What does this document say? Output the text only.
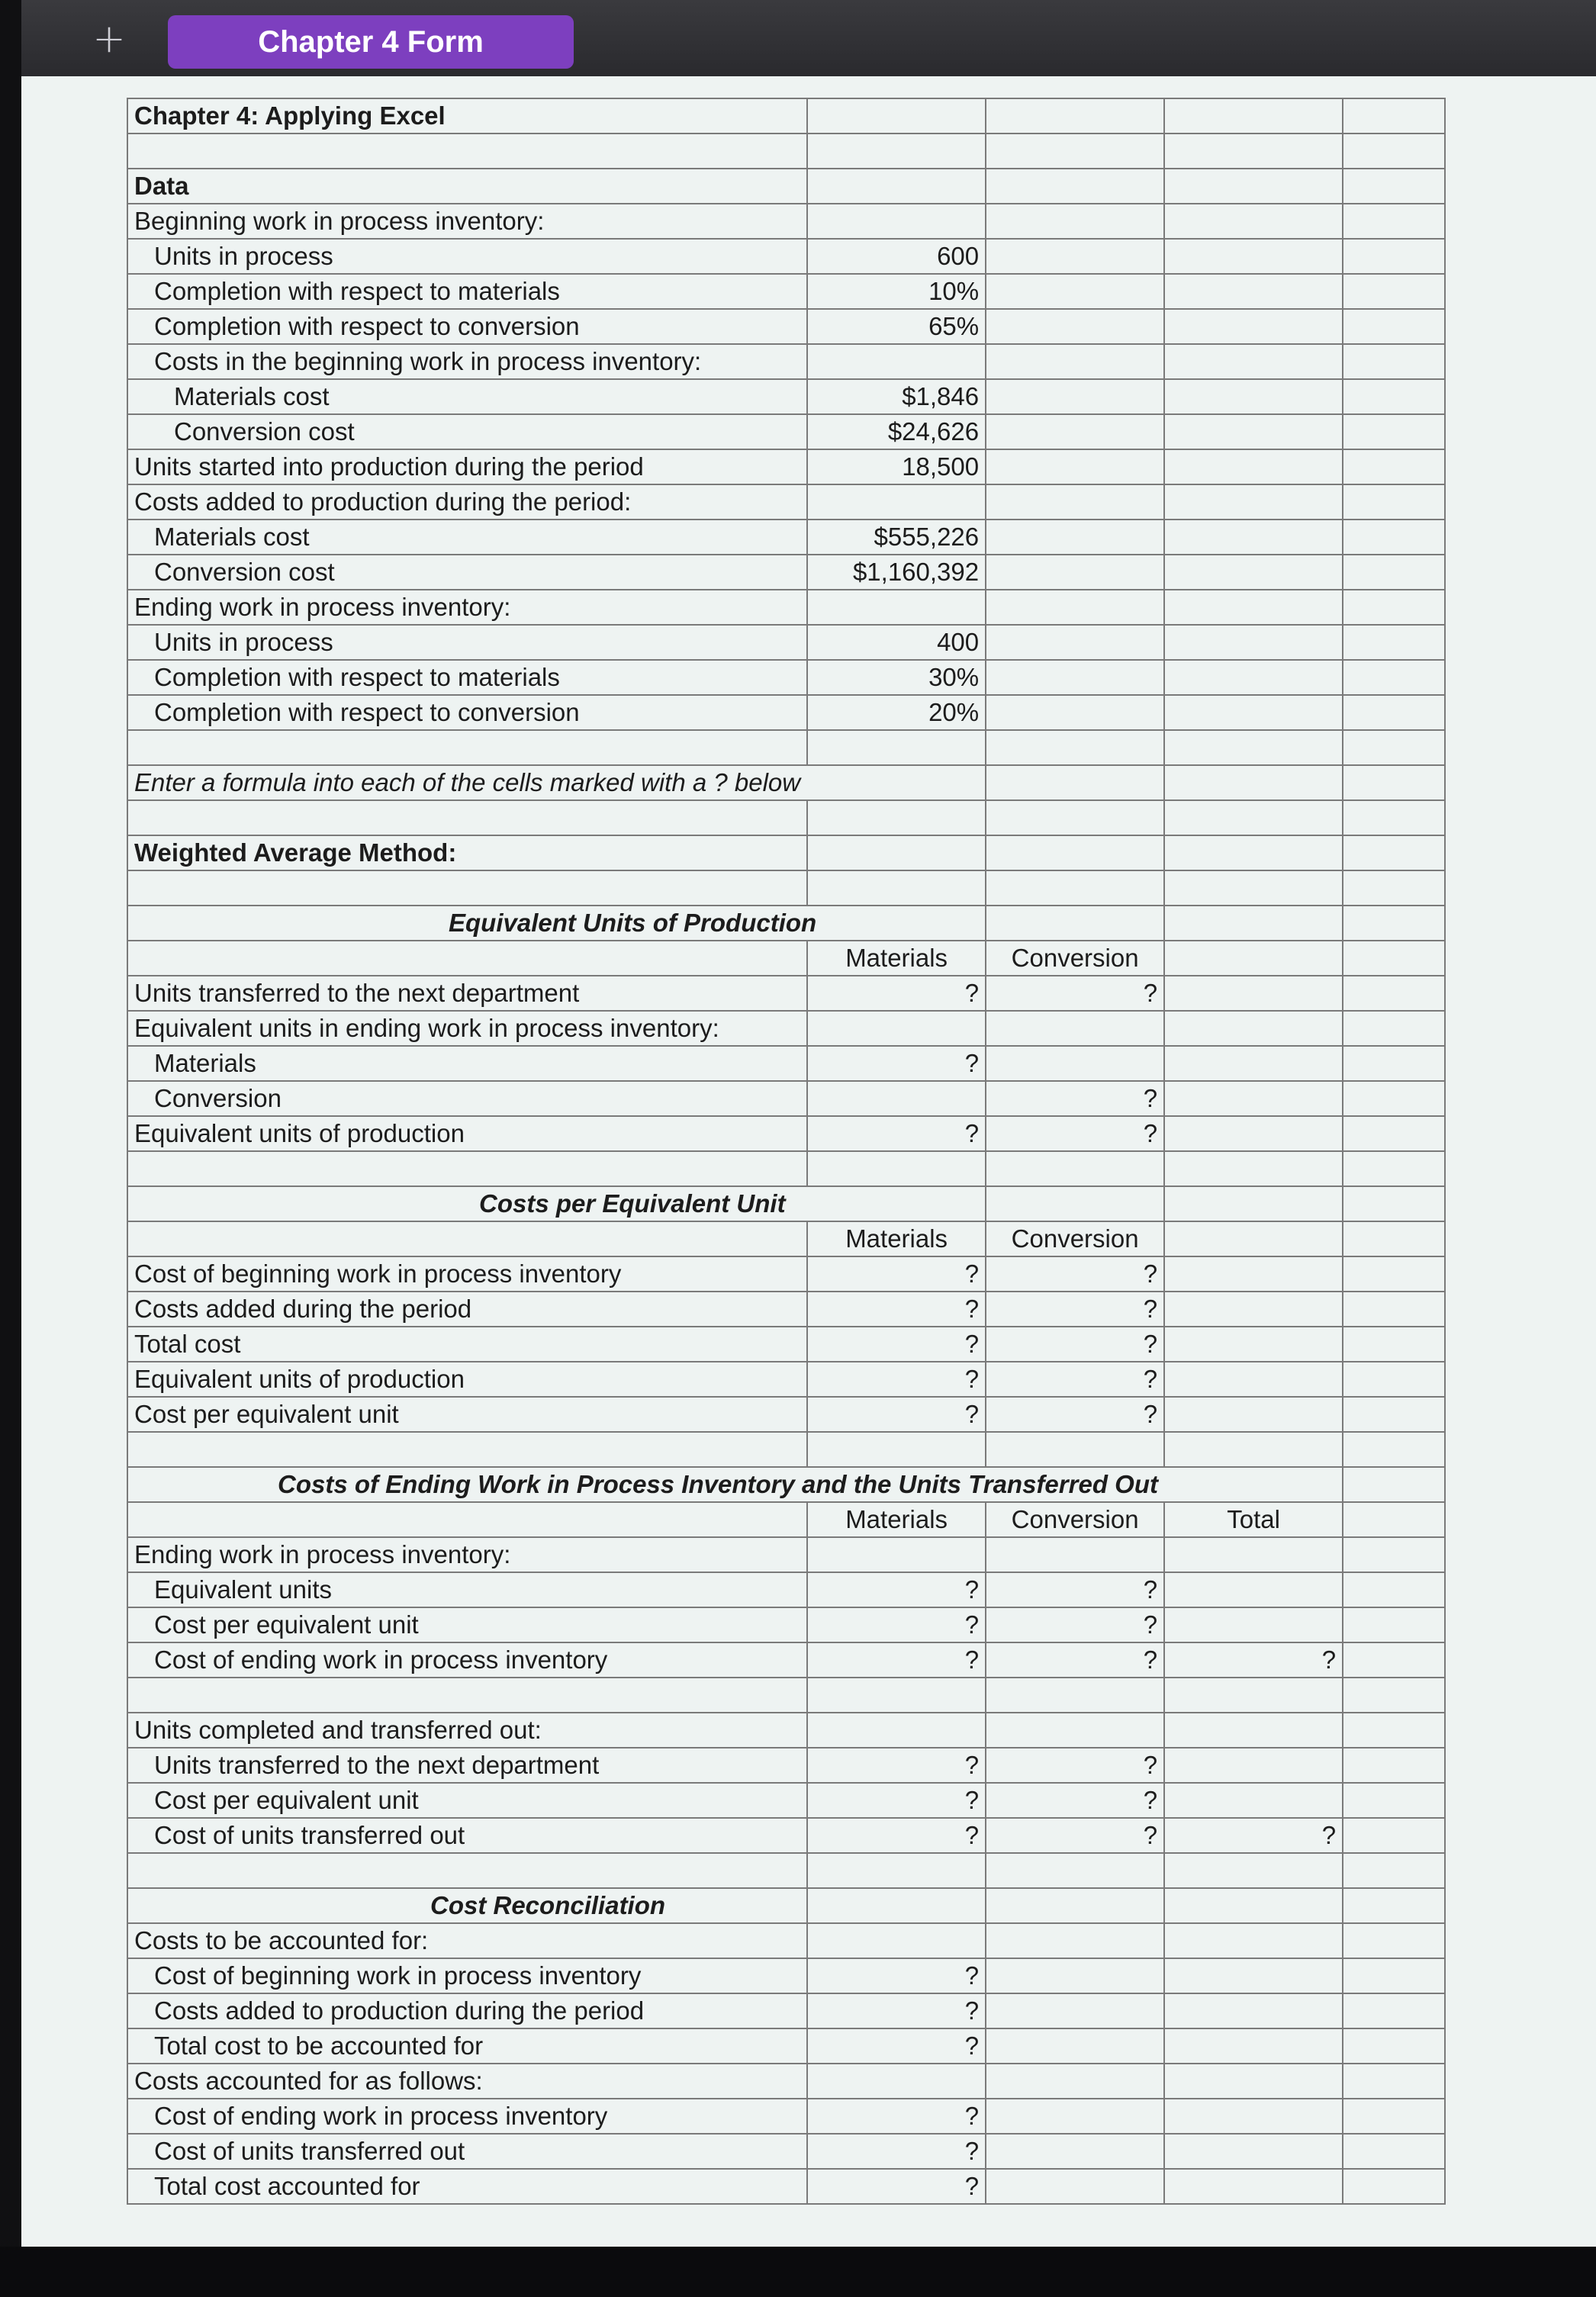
+	Chapter 4 Form
Chapter 4: Applying Excel				

Data				
Beginning work in process inventory:				
Units in process	600			
Completion with respect to materials	10%			
Completion with respect to conversion	65%			
Costs in the beginning work in process inventory:				
Materials cost	$1,846			
Conversion cost	$24,626			
Units started into production during the period	18,500			
Costs added to production during the period:				
Materials cost	$555,226			
Conversion cost	$1,160,392			
Ending work in process inventory:				
Units in process	400			
Completion with respect to materials	30%			
Completion with respect to conversion	20%			

Enter a formula into each of the cells marked with a ? below				

Weighted Average Method:				

Equivalent Units of Production				
	Materials	Conversion		
Units transferred to the next department	?	?		
Equivalent units in ending work in process inventory:				
Materials	?			
Conversion		?		
Equivalent units of production	?	?		

Costs per Equivalent Unit				
	Materials	Conversion		
Cost of beginning work in process inventory	?	?		
Costs added during the period	?	?		
Total cost	?	?		
Equivalent units of production	?	?		
Cost per equivalent unit	?	?		

Costs of Ending Work in Process Inventory and the Units Transferred Out				
	Materials	Conversion	Total	
Ending work in process inventory:				
Equivalent units	?	?		
Cost per equivalent unit	?	?		
Cost of ending work in process inventory	?	?	?	

Units completed and transferred out:				
Units transferred to the next department	?	?		
Cost per equivalent unit	?	?		
Cost of units transferred out	?	?	?	

Cost Reconciliation				
Costs to be accounted for:				
Cost of beginning work in process inventory	?			
Costs added to production during the period	?			
Total cost to be accounted for	?			
Costs accounted for as follows:				
Cost of ending work in process inventory	?			
Cost of units transferred out	?			
Total cost accounted for	?			
